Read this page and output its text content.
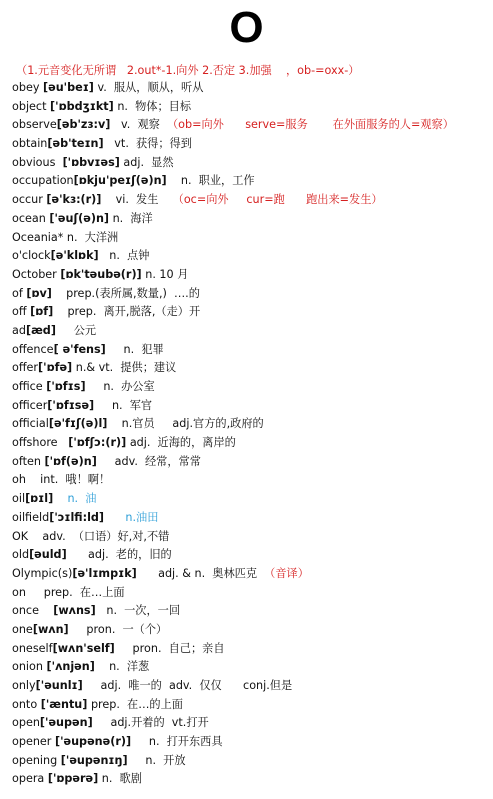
O
（1.元音变化无所谓   2.out*-1.向外 2.否定 3.加强    ，ob-=oxx-）
obey [əu'beɪ] v.  服从，顺从，听从
object ['ɒbdʒɪkt] n.  物体；目标
observe[əb'zɜ:v]   v.  观察  （ob=向外      serve=服务       在外面服务的人=观察）
obtain[əb'teɪn]   vt.  获得；得到
obvious  ['ɒbvɪəs] adj.  显然
occupation[ɒkju'peɪʃ(ə)n]    n.  职业，工作
occur [ə'kɜ:(r)]    vi.  发生    （oc=向外     cur=跑      跑出来=发生）
ocean ['əuʃ(ə)n] n.  海洋
Oceania* n.  大洋洲
o'clock[ə'klɒk]   n.  点钟
October [ɒk'təubə(r)] n. 10 月
of [ɒv]    prep.(表所属,数量,)  ….的
off [ɒf]    prep.  离开,脱落,（走）开
ad[æd]     公元
offence[ ə'fens]     n.  犯罪
offer['ɒfə] n.& vt.  提供；建议
office ['ɒfɪs]     n.  办公室
officer['ɒfɪsə]     n.  军官
official[ə'fɪʃ(ə)l]    n.官员     adj.官方的,政府的
offshore   ['ɒfʃɔ:(r)] adj.  近海的，离岸的
often ['ɒf(ə)n]     adv.  经常，常常
oh    int.  哦！啊！
oil[ɒɪl] n.  油
oilfield['ɔɪlfi:ld] n.油田
OK    adv.  （口语）好,对,不错
old[əuld]      adj.  老的，旧的
Olympic(s)[ə'lɪmpɪk]      adj. & n.  奥林匹克  （音译）
on     prep.  在…上面
once    [wʌns]   n.  一次，一回
one[wʌn]     pron.  一（个）
oneself[wʌn'self]     pron.  自己；亲自
onion ['ʌnjən]    n.  洋葱
only['əunlɪ]     adj.  唯一的  adv.  仅仅      conj.但是
onto ['æntu] prep.  在…的上面
open['əupən]     adj.开着的  vt.打开
opener ['əupənə(r)]     n.  打开东西具
opening ['əupənɪŋ]     n.  开放
opera ['ɒpərə] n.  歌剧
